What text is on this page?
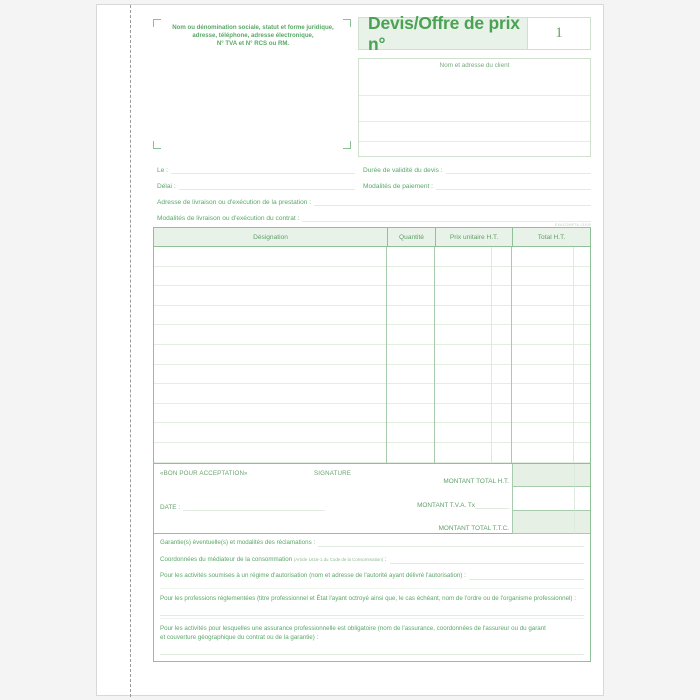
Nom ou dénomination sociale, statut et forme juridique,
adresse, téléphone, adresse électronique,
N° TVA et N° RCS ou RM.
Devis/Offre de prix n°
1
Nom et adresse du client
Le :	Durée de validité du devis :
Délai :	Modalités de paiement :
Adresse de livraison ou d'exécution de la prestation :
Modalités de livraison ou d'exécution du contrat :
EXACOMPTA 13100
Désignation	Quantité	Prix unitaire H.T.	Total H.T.
«BON POUR ACCEPTATION»	SIGNATURE
DATE :
MONTANT TOTAL H.T.
MONTANT T.V.A. Tx
MONTANT TOTAL T.T.C.
Garantie(s) éventuelle(s) et modalités des réclamations :
Coordonnées du médiateur de la consommation (Article L616-1 du Code de la Consommation) :
Pour les activités soumises à un régime d'autorisation (nom et adresse de l'autorité ayant délivré l'autorisation) :
Pour les professions réglementées (titre professionnel et État l'ayant octroyé ainsi que, le cas échéant, nom de l'ordre ou de l'organisme professionnel) :
Pour les activités pour lesquelles une assurance professionnelle est obligatoire (nom de l'assurance, coordonnées de l'assureur ou du garant
et couverture géographique du contrat ou de la garantie) :
